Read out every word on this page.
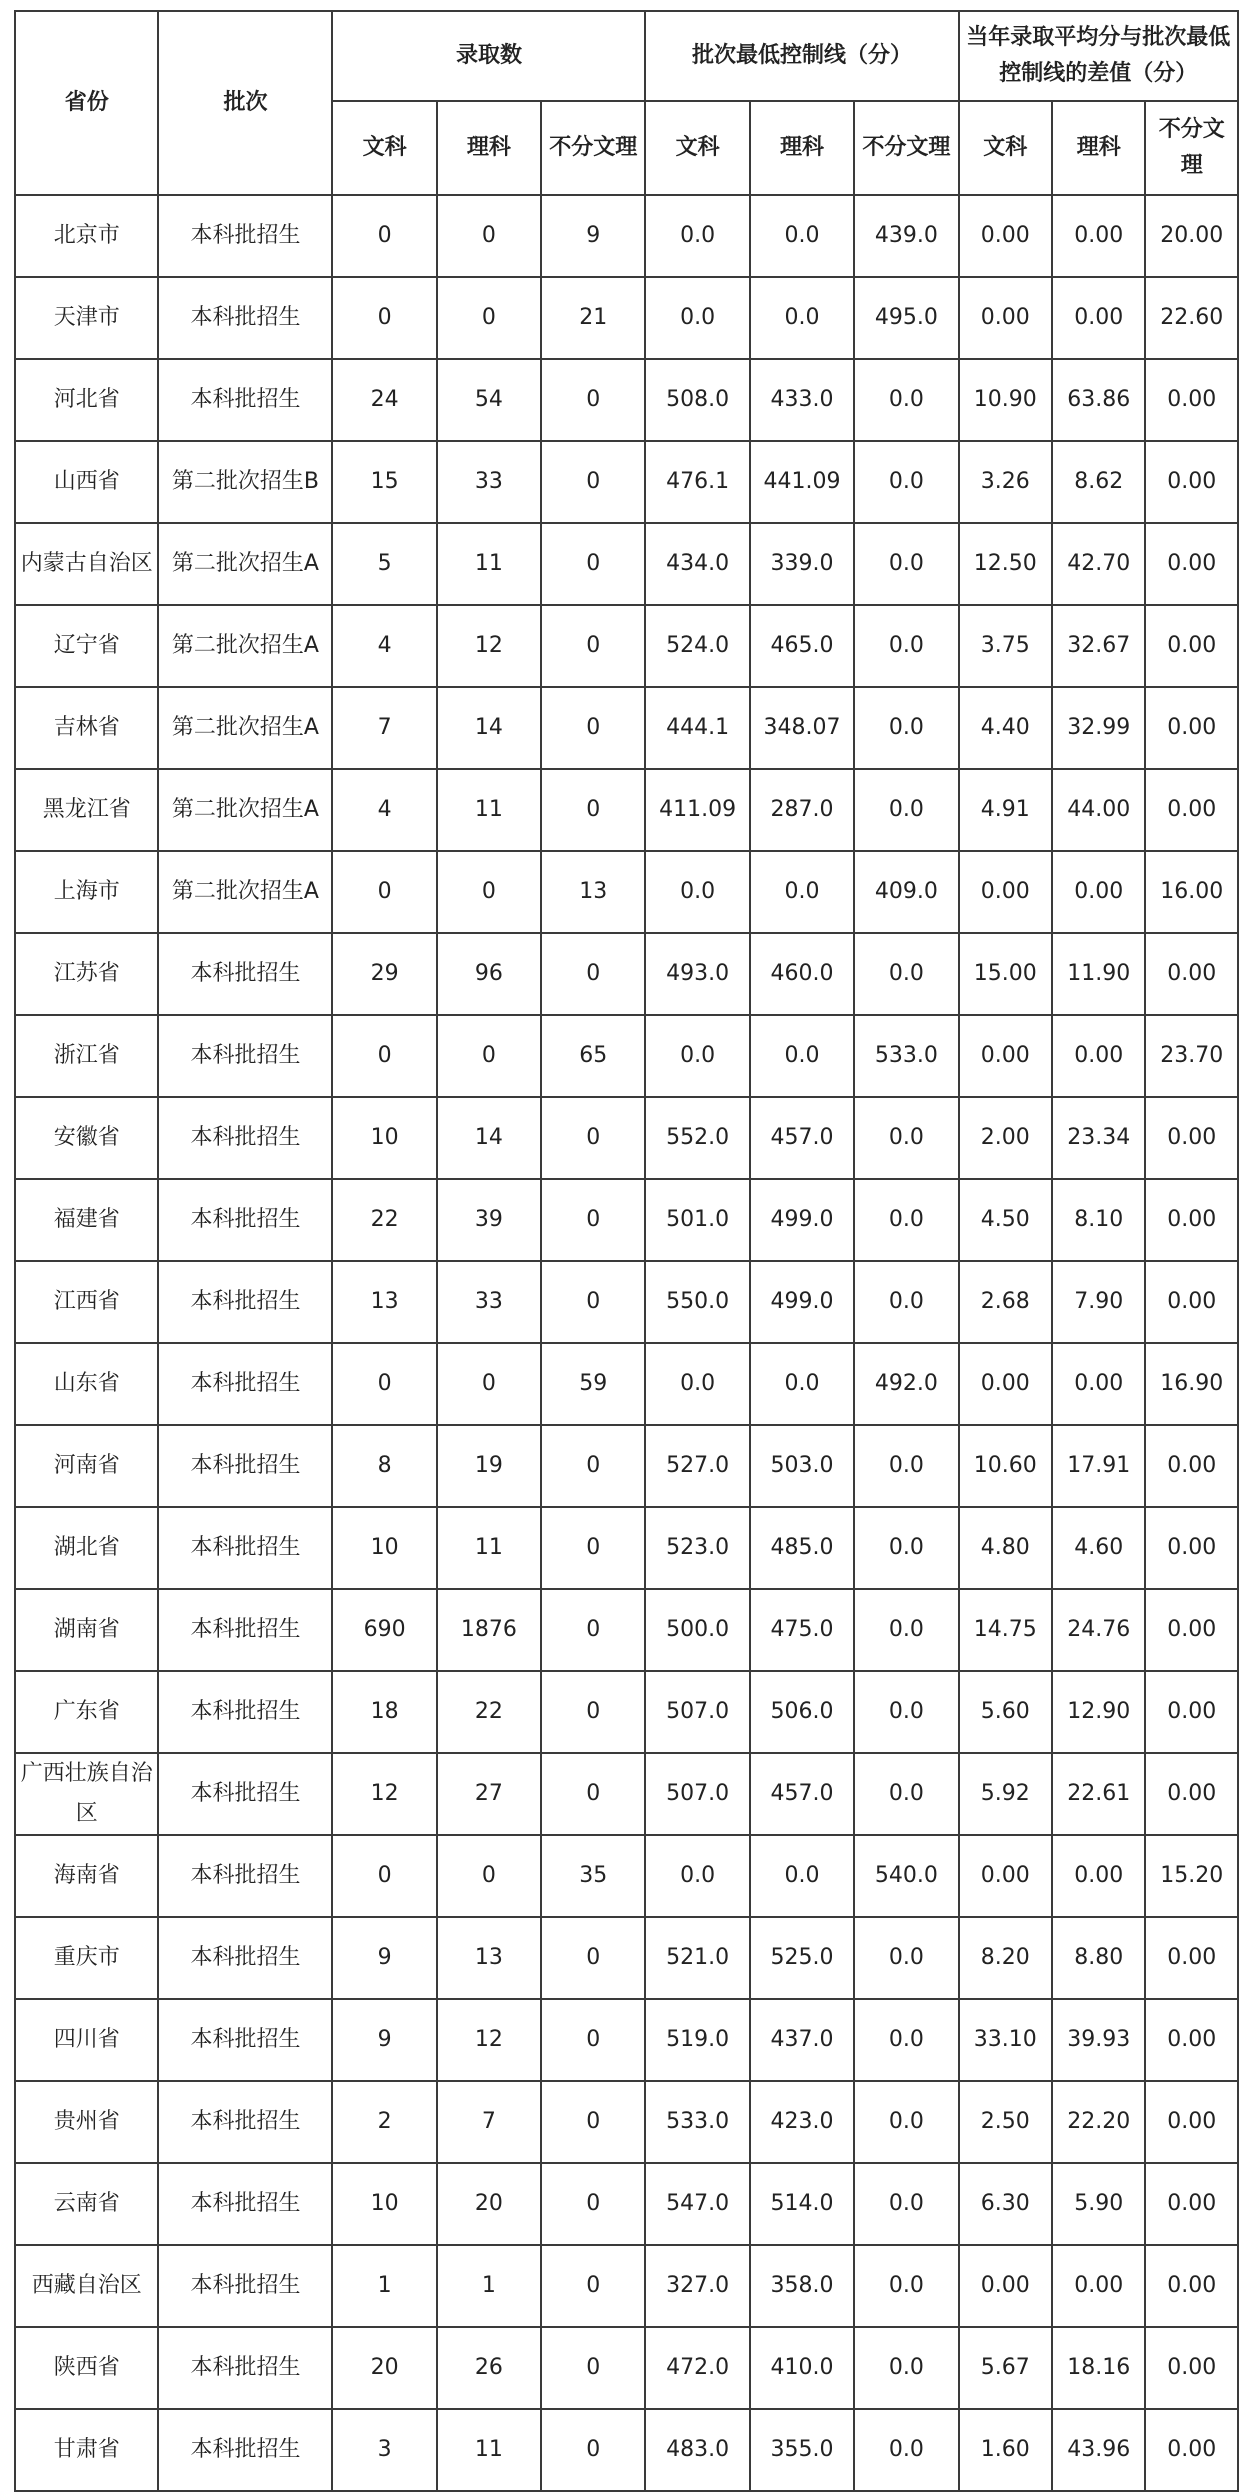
省份	批次	录取数			批次最低控制线（分）			当年录取平均分与批次最低控制线的差值（分）		
		文科	理科	不分文理	文科	理科	不分文理	文科	理科	不分文理
北京市	本科批招生	0	0	9	0.0	0.0	439.0	0.00	0.00	20.00
天津市	本科批招生	0	0	21	0.0	0.0	495.0	0.00	0.00	22.60
河北省	本科批招生	24	54	0	508.0	433.0	0.0	10.90	63.86	0.00
山西省	第二批次招生B	15	33	0	476.1	441.09	0.0	3.26	8.62	0.00
内蒙古自治区	第二批次招生A	5	11	0	434.0	339.0	0.0	12.50	42.70	0.00
辽宁省	第二批次招生A	4	12	0	524.0	465.0	0.0	3.75	32.67	0.00
吉林省	第二批次招生A	7	14	0	444.1	348.07	0.0	4.40	32.99	0.00
黑龙江省	第二批次招生A	4	11	0	411.09	287.0	0.0	4.91	44.00	0.00
上海市	第二批次招生A	0	0	13	0.0	0.0	409.0	0.00	0.00	16.00
江苏省	本科批招生	29	96	0	493.0	460.0	0.0	15.00	11.90	0.00
浙江省	本科批招生	0	0	65	0.0	0.0	533.0	0.00	0.00	23.70
安徽省	本科批招生	10	14	0	552.0	457.0	0.0	2.00	23.34	0.00
福建省	本科批招生	22	39	0	501.0	499.0	0.0	4.50	8.10	0.00
江西省	本科批招生	13	33	0	550.0	499.0	0.0	2.68	7.90	0.00
山东省	本科批招生	0	0	59	0.0	0.0	492.0	0.00	0.00	16.90
河南省	本科批招生	8	19	0	527.0	503.0	0.0	10.60	17.91	0.00
湖北省	本科批招生	10	11	0	523.0	485.0	0.0	4.80	4.60	0.00
湖南省	本科批招生	690	1876	0	500.0	475.0	0.0	14.75	24.76	0.00
广东省	本科批招生	18	22	0	507.0	506.0	0.0	5.60	12.90	0.00
广西壮族自治区	本科批招生	12	27	0	507.0	457.0	0.0	5.92	22.61	0.00
海南省	本科批招生	0	0	35	0.0	0.0	540.0	0.00	0.00	15.20
重庆市	本科批招生	9	13	0	521.0	525.0	0.0	8.20	8.80	0.00
四川省	本科批招生	9	12	0	519.0	437.0	0.0	33.10	39.93	0.00
贵州省	本科批招生	2	7	0	533.0	423.0	0.0	2.50	22.20	0.00
云南省	本科批招生	10	20	0	547.0	514.0	0.0	6.30	5.90	0.00
西藏自治区	本科批招生	1	1	0	327.0	358.0	0.0	0.00	0.00	0.00
陕西省	本科批招生	20	26	0	472.0	410.0	0.0	5.67	18.16	0.00
甘肃省	本科批招生	3	11	0	483.0	355.0	0.0	1.60	43.96	0.00
